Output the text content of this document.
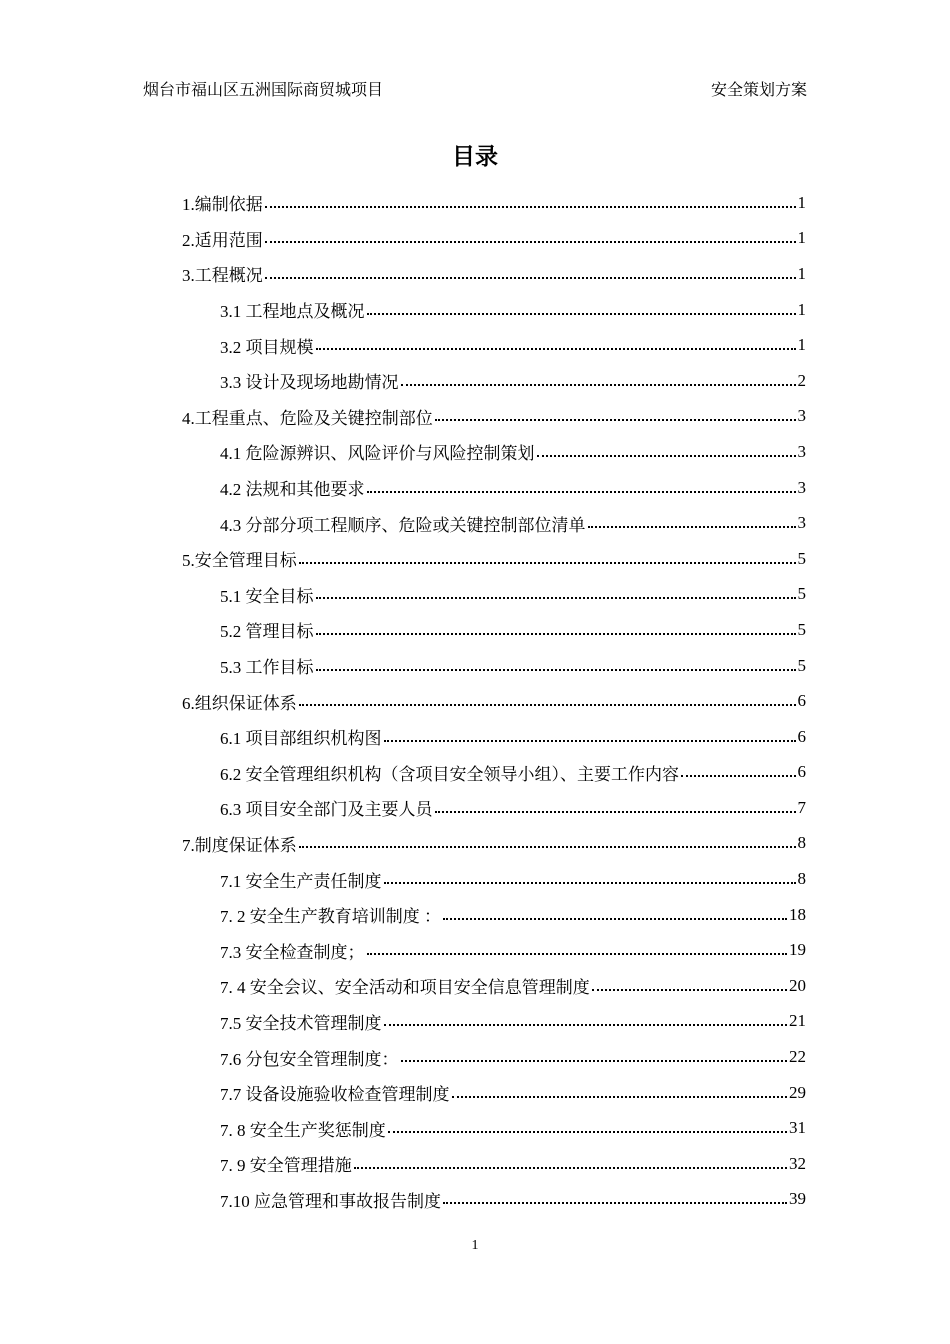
烟台市福山区五洲国际商贸城项目	安全策划方案
目录
1.编制依据	1
2.适用范围	1
3.工程概况	1
3.1 工程地点及概况	1
3.2 项目规模	1
3.3 设计及现场地勘情况	2
4.工程重点、危险及关键控制部位	3
4.1 危险源辨识、风险评价与风险控制策划	3
4.2 法规和其他要求	3
4.3 分部分项工程顺序、危险或关键控制部位清单	3
5.安全管理目标	5
5.1 安全目标	5
5.2 管理目标	5
5.3 工作目标	5
6.组织保证体系	6
6.1 项目部组织机构图	6
6.2 安全管理组织机构（含项目安全领导小组）、主要工作内容	6
6.3 项目安全部门及主要人员	7
7.制度保证体系	8
7.1 安全生产责任制度	8
7. 2 安全生产教育培训制度 ：	18
7.3 安全检查制度；	19
7. 4 安全会议、安全活动和项目安全信息管理制度	20
7.5 安全技术管理制度	21
7.6 分包安全管理制度：	22
7.7 设备设施验收检查管理制度	29
7. 8 安全生产奖惩制度	31
7. 9 安全管理措施	32
7.10 应急管理和事故报告制度	39
1
